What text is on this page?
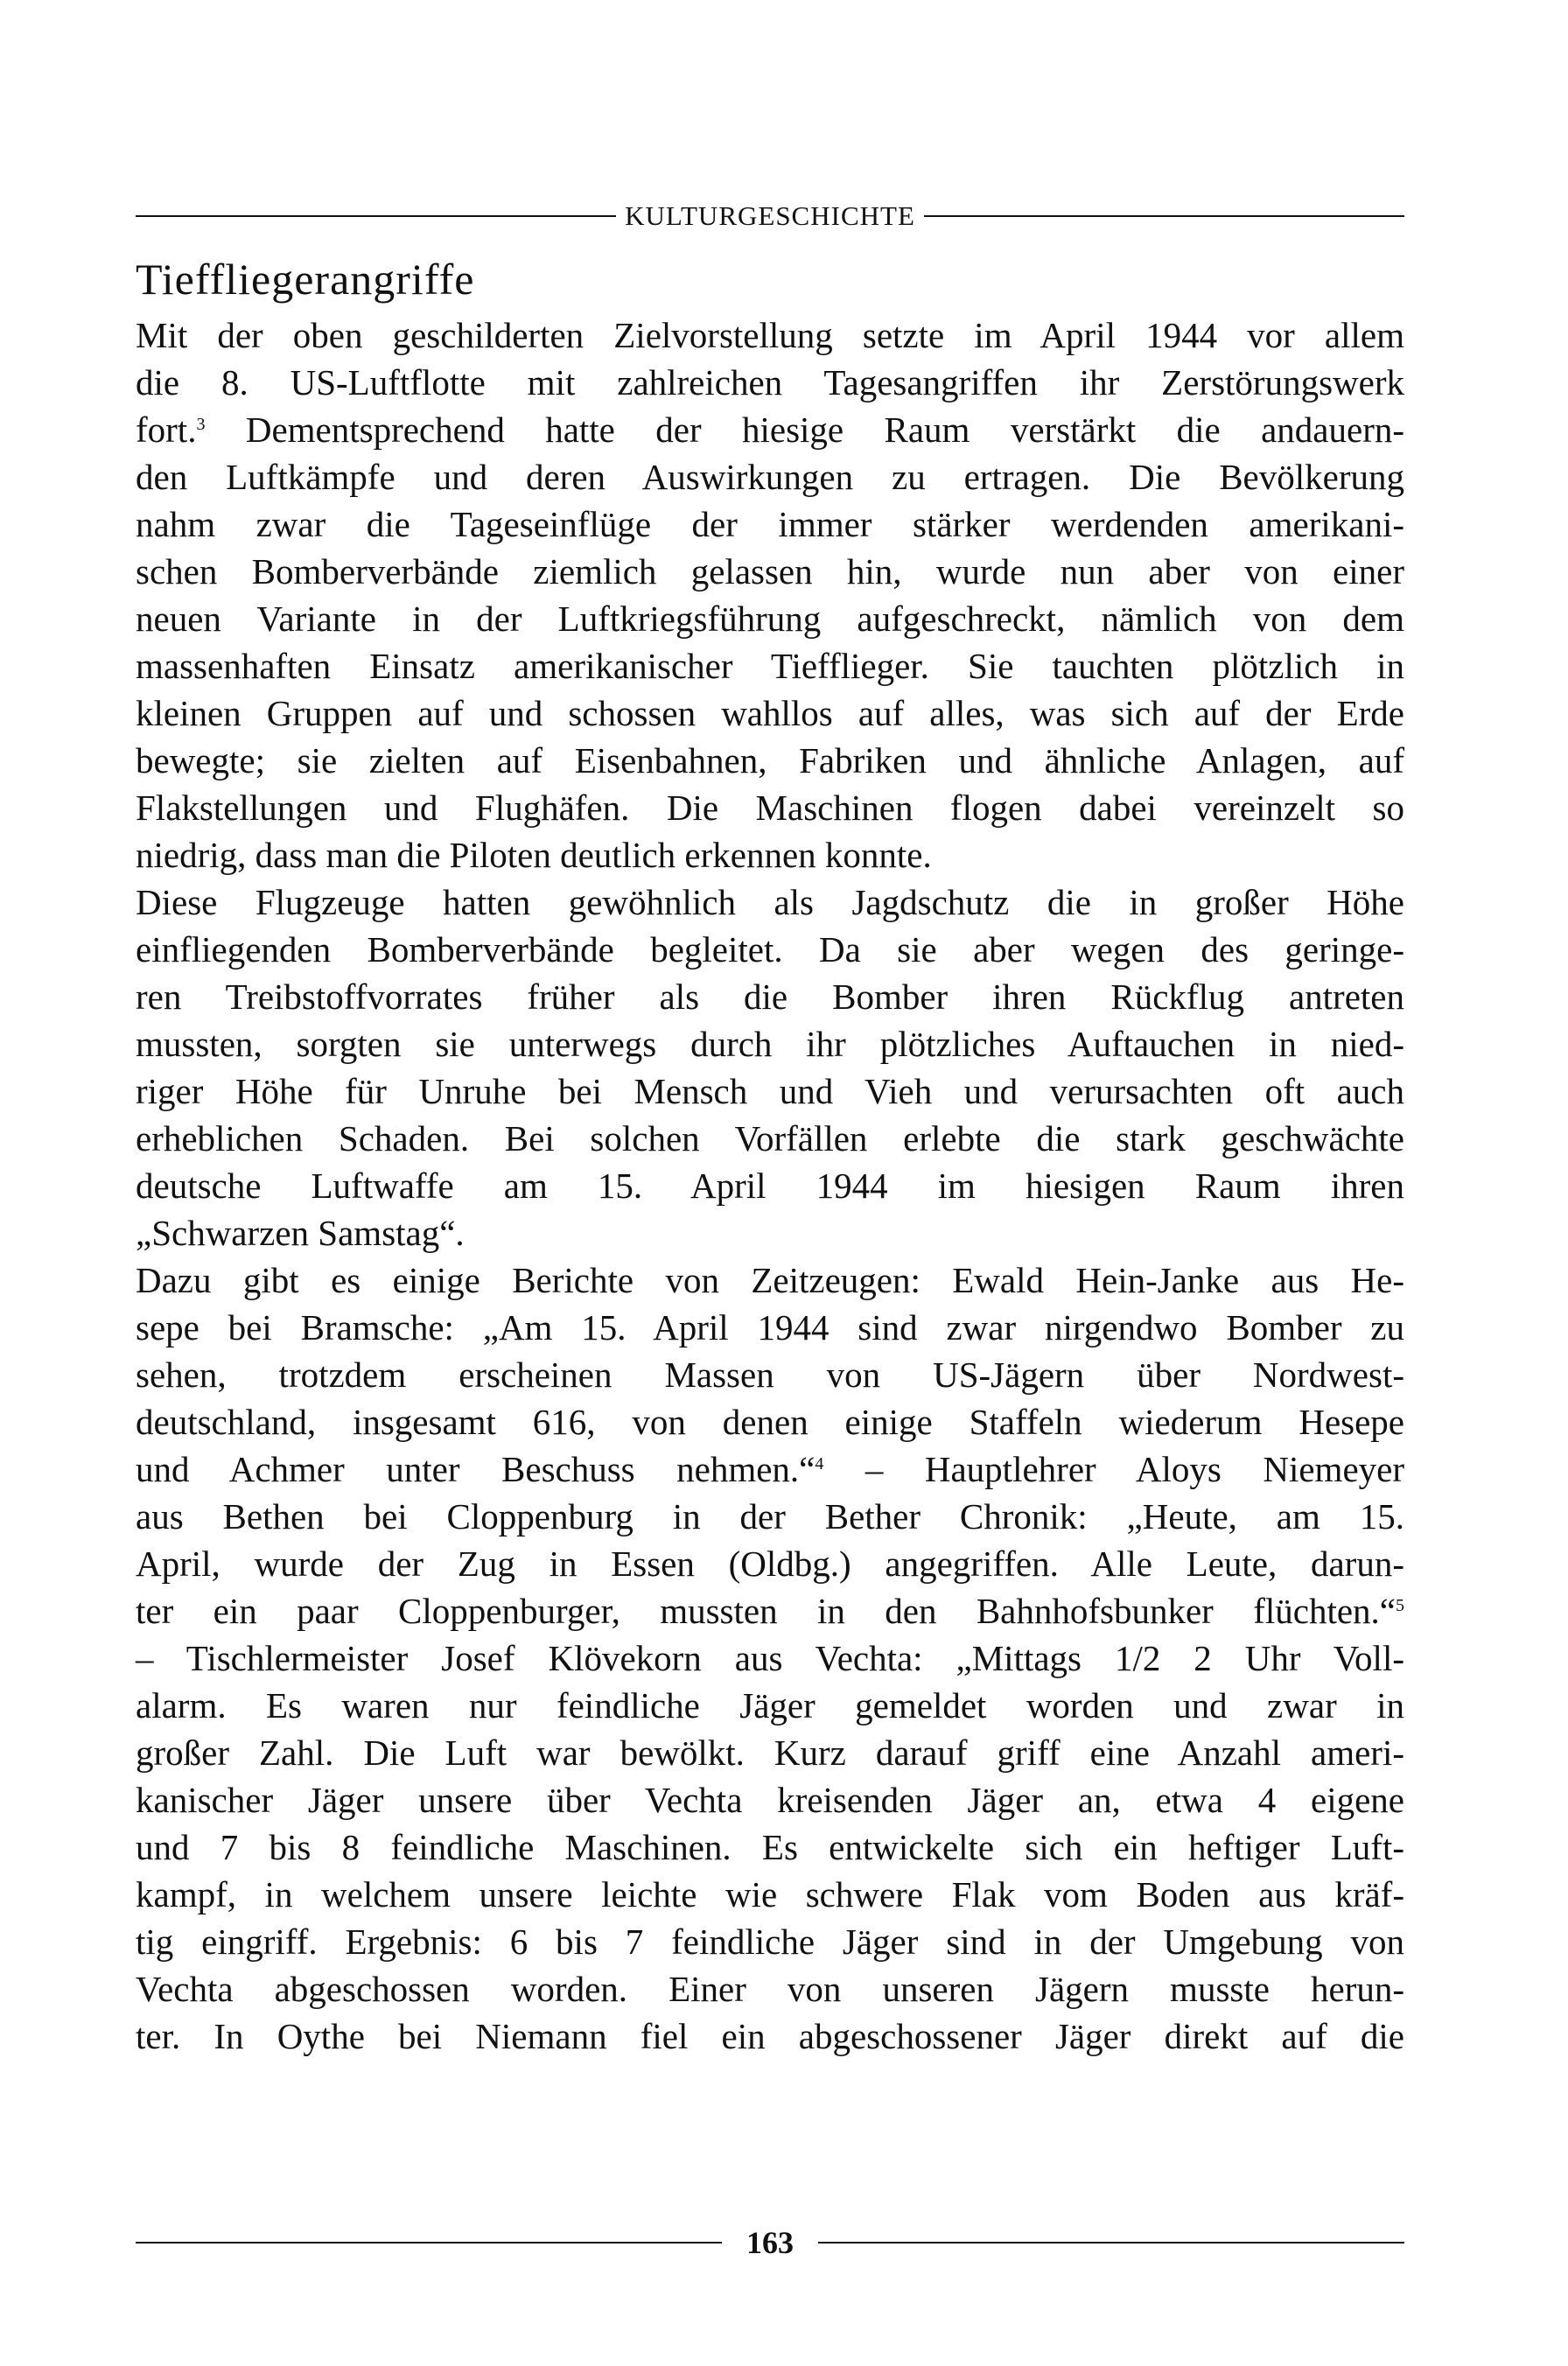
KULTURGESCHICHTE
Tieffliegerangriffe
Mit der oben geschilderten Zielvorstellung setzte im April 1944 vor allem
die 8. US-Luftflotte mit zahlreichen Tagesangriffen ihr Zerstörungswerk
fort.$^3$ Dementsprechend hatte der hiesige Raum verstärkt die andauern-
den Luftkämpfe und deren Auswirkungen zu ertragen. Die Bevölkerung
nahm zwar die Tageseinflüge der immer stärker werdenden amerikani-
schen Bomberverbände ziemlich gelassen hin, wurde nun aber von einer
neuen Variante in der Luftkriegsführung aufgeschreckt, nämlich von dem
massenhaften Einsatz amerikanischer Tiefflieger. Sie tauchten plötzlich in
kleinen Gruppen auf und schossen wahllos auf alles, was sich auf der Erde
bewegte; sie zielten auf Eisenbahnen, Fabriken und ähnliche Anlagen, auf
Flakstellungen und Flughäfen. Die Maschinen flogen dabei vereinzelt so
niedrig, dass man die Piloten deutlich erkennen konnte.
Diese Flugzeuge hatten gewöhnlich als Jagdschutz die in großer Höhe
einfliegenden Bomberverbände begleitet. Da sie aber wegen des geringe-
ren Treibstoffvorrates früher als die Bomber ihren Rückflug antreten
mussten, sorgten sie unterwegs durch ihr plötzliches Auftauchen in nied-
riger Höhe für Unruhe bei Mensch und Vieh und verursachten oft auch
erheblichen Schaden. Bei solchen Vorfällen erlebte die stark geschwächte
deutsche Luftwaffe am 15. April 1944 im hiesigen Raum ihren
„Schwarzen Samstag“.
Dazu gibt es einige Berichte von Zeitzeugen: Ewald Hein-Janke aus He-
sepe bei Bramsche: „Am 15. April 1944 sind zwar nirgendwo Bomber zu
sehen, trotzdem erscheinen Massen von US-Jägern über Nordwest-
deutschland, insgesamt 616, von denen einige Staffeln wiederum Hesepe
und Achmer unter Beschuss nehmen.“$^4$ – Hauptlehrer Aloys Niemeyer
aus Bethen bei Cloppenburg in der Bether Chronik: „Heute, am 15.
April, wurde der Zug in Essen (Oldbg.) angegriffen. Alle Leute, darun-
ter ein paar Cloppenburger, mussten in den Bahnhofsbunker flüchten.“$^5$
– Tischlermeister Josef Klövekorn aus Vechta: „Mittags 1/2 2 Uhr Voll-
alarm. Es waren nur feindliche Jäger gemeldet worden und zwar in
großer Zahl. Die Luft war bewölkt. Kurz darauf griff eine Anzahl ameri-
kanischer Jäger unsere über Vechta kreisenden Jäger an, etwa 4 eigene
und 7 bis 8 feindliche Maschinen. Es entwickelte sich ein heftiger Luft-
kampf, in welchem unsere leichte wie schwere Flak vom Boden aus kräf-
tig eingriff. Ergebnis: 6 bis 7 feindliche Jäger sind in der Umgebung von
Vechta abgeschossen worden. Einer von unseren Jägern musste herun-
ter. In Oythe bei Niemann fiel ein abgeschossener Jäger direkt auf die
163
